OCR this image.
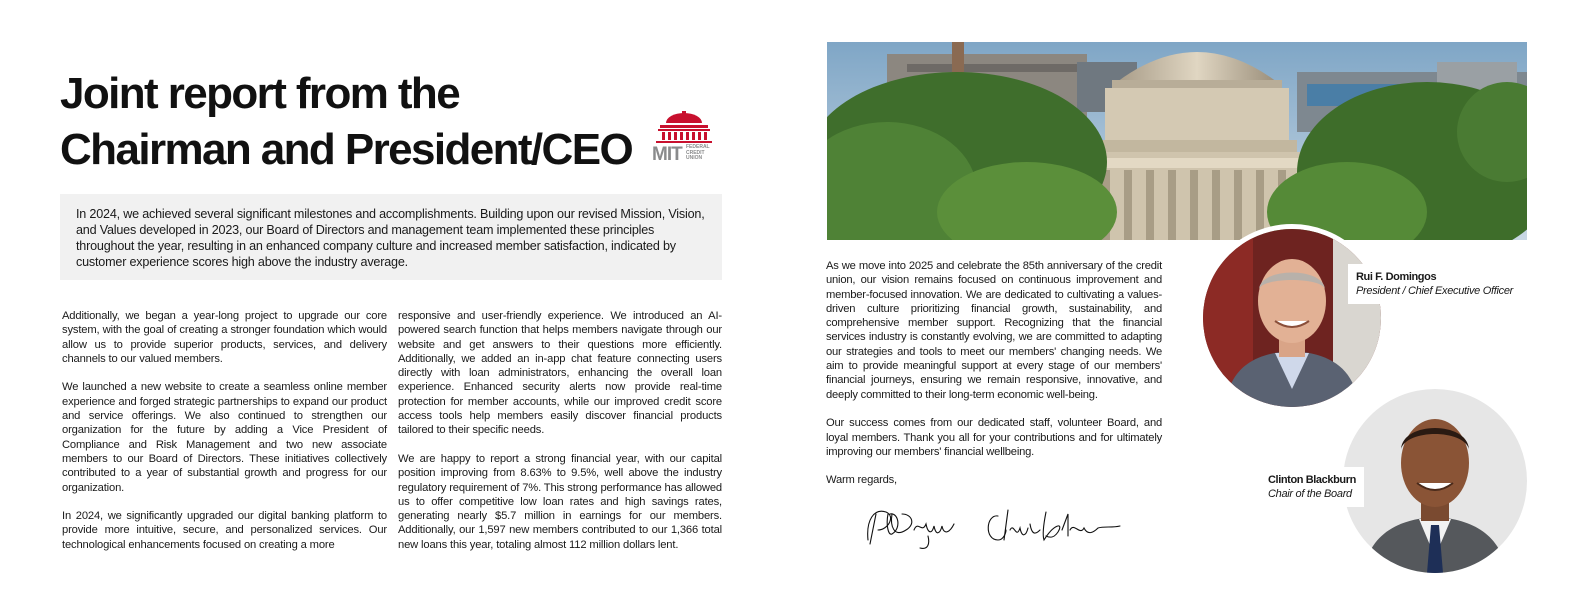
Joint report from the
Chairman and President/CEO	MIT FEDERAL
CREDIT
UNION
In 2024, we achieved several significant milestones and accomplishments. Building upon our revised Mission, Vision, and Values developed in 2023, our Board of Directors and management team implemented these principles throughout the year, resulting in an enhanced company culture and increased member satisfaction, indicated by customer experience scores high above the industry average.

Additionally, we began a year-long project to upgrade our core system, with the goal of creating a stronger foundation which would allow us to provide superior products, services, and delivery channels to our valued members.

We launched a new website to create a seamless online member experience and forged strategic partnerships to expand our product and service offerings. We also continued to strengthen our organization for the future by adding a Vice President of Compliance and Risk Management and two new associate members to our Board of Directors. These initiatives collectively contributed to a year of substantial growth and progress for our organization.

In 2024, we significantly upgraded our digital banking platform to provide more intuitive, secure, and personalized services. Our technological enhancements focused on creating a more

responsive and user-friendly experience. We introduced an AI-powered search function that helps members navigate through our website and get answers to their questions more efficiently. Additionally, we added an in-app chat feature connecting users directly with loan administrators, enhancing the overall loan experience. Enhanced security alerts now provide real-time protection for member accounts, while our improved credit score access tools help members easily discover financial products tailored to their specific needs.

We are happy to report a strong financial year, with our capital position improving from 8.63% to 9.5%, well above the industry regulatory requirement of 7%. This strong performance has allowed us to offer competitive low loan rates and high savings rates, generating nearly $5.7 million in earnings for our members. Additionally, our 1,597 new members contributed to our 1,366 total new loans this year, totaling almost 112 million dollars lent.

As we move into 2025 and celebrate the 85th anniversary of the credit union, our vision remains focused on continuous improvement and member-focused innovation. We are dedicated to cultivating a values-driven culture prioritizing financial growth, sustainability, and comprehensive member support. Recognizing that the financial services industry is constantly evolving, we are committed to adapting our strategies and tools to meet our members' changing needs. We aim to provide meaningful support at every stage of our members' financial journeys, ensuring we remain responsive, innovative, and deeply committed to their long-term economic well-being.

Our success comes from our dedicated staff, volunteer Board, and loyal members. Thank you all for your contributions and for ultimately improving our members' financial wellbeing.

Warm regards,

Rui F. Domingos
President / Chief Executive Officer
Clinton Blackburn
Chair of the Board
